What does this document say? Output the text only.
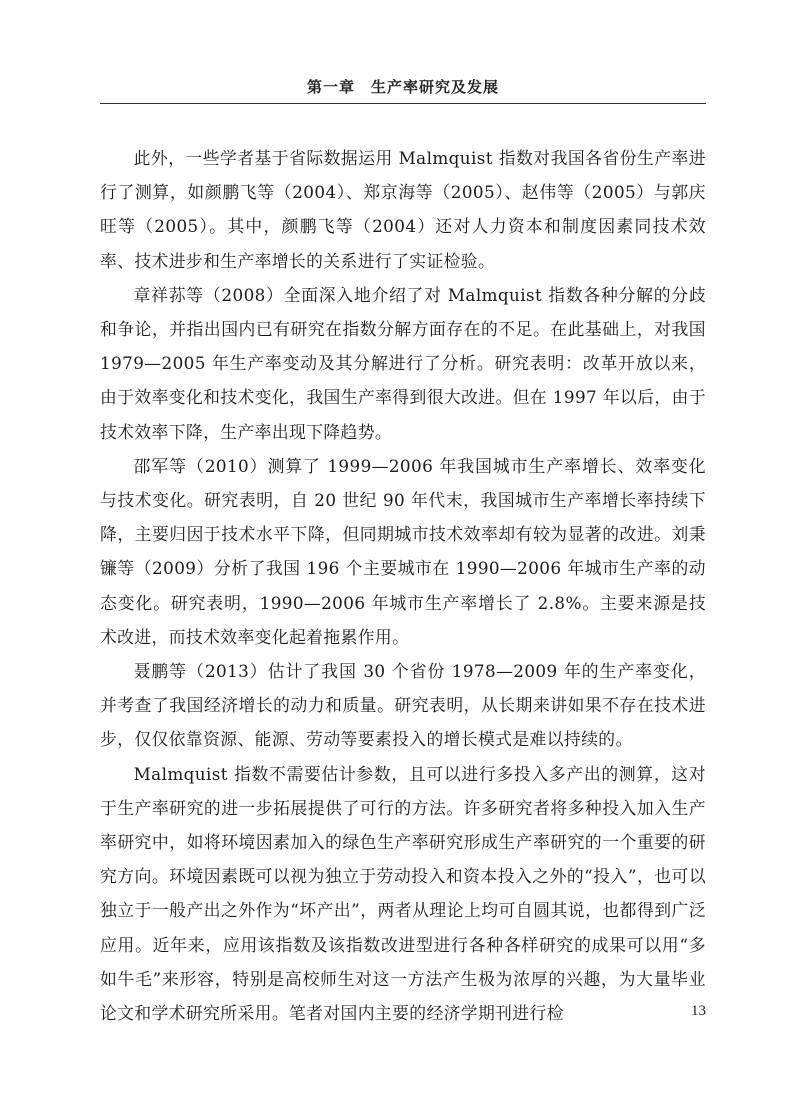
第一章　生产率研究及发展

此外，一些学者基于省际数据运用 Malmquist 指数对我国各省份生产率进行了测算，如颜鹏飞等（2004）、郑京海等（2005）、赵伟等（2005）与郭庆旺等（2005）。其中，颜鹏飞等（2004）还对人力资本和制度因素同技术效率、技术进步和生产率增长的关系进行了实证检验。

章祥荪等（2008）全面深入地介绍了对 Malmquist 指数各种分解的分歧和争论，并指出国内已有研究在指数分解方面存在的不足。在此基础上，对我国1979—2005 年生产率变动及其分解进行了分析。研究表明：改革开放以来，由于效率变化和技术变化，我国生产率得到很大改进。但在 1997 年以后，由于技术效率下降，生产率出现下降趋势。

邵军等（2010）测算了 1999—2006 年我国城市生产率增长、效率变化与技术变化。研究表明，自 20 世纪 90 年代末，我国城市生产率增长率持续下降，主要归因于技术水平下降，但同期城市技术效率却有较为显著的改进。刘秉镰等（2009）分析了我国 196 个主要城市在 1990—2006 年城市生产率的动态变化。研究表明，1990—2006 年城市生产率增长了 2.8%。主要来源是技术改进，而技术效率变化起着拖累作用。

聂鹏等（2013）估计了我国 30 个省份 1978—2009 年的生产率变化，并考查了我国经济增长的动力和质量。研究表明，从长期来讲如果不存在技术进步，仅仅依靠资源、能源、劳动等要素投入的增长模式是难以持续的。

Malmquist 指数不需要估计参数，且可以进行多投入多产出的测算，这对于生产率研究的进一步拓展提供了可行的方法。许多研究者将多种投入加入生产率研究中，如将环境因素加入的绿色生产率研究形成生产率研究的一个重要的研究方向。环境因素既可以视为独立于劳动投入和资本投入之外的“投入”，也可以独立于一般产出之外作为“坏产出”，两者从理论上均可自圆其说，也都得到广泛应用。近年来，应用该指数及该指数改进型进行各种各样研究的成果可以用“多如牛毛”来形容，特别是高校师生对这一方法产生极为浓厚的兴趣，为大量毕业论文和学术研究所采用。笔者对国内主要的经济学期刊进行检	13
